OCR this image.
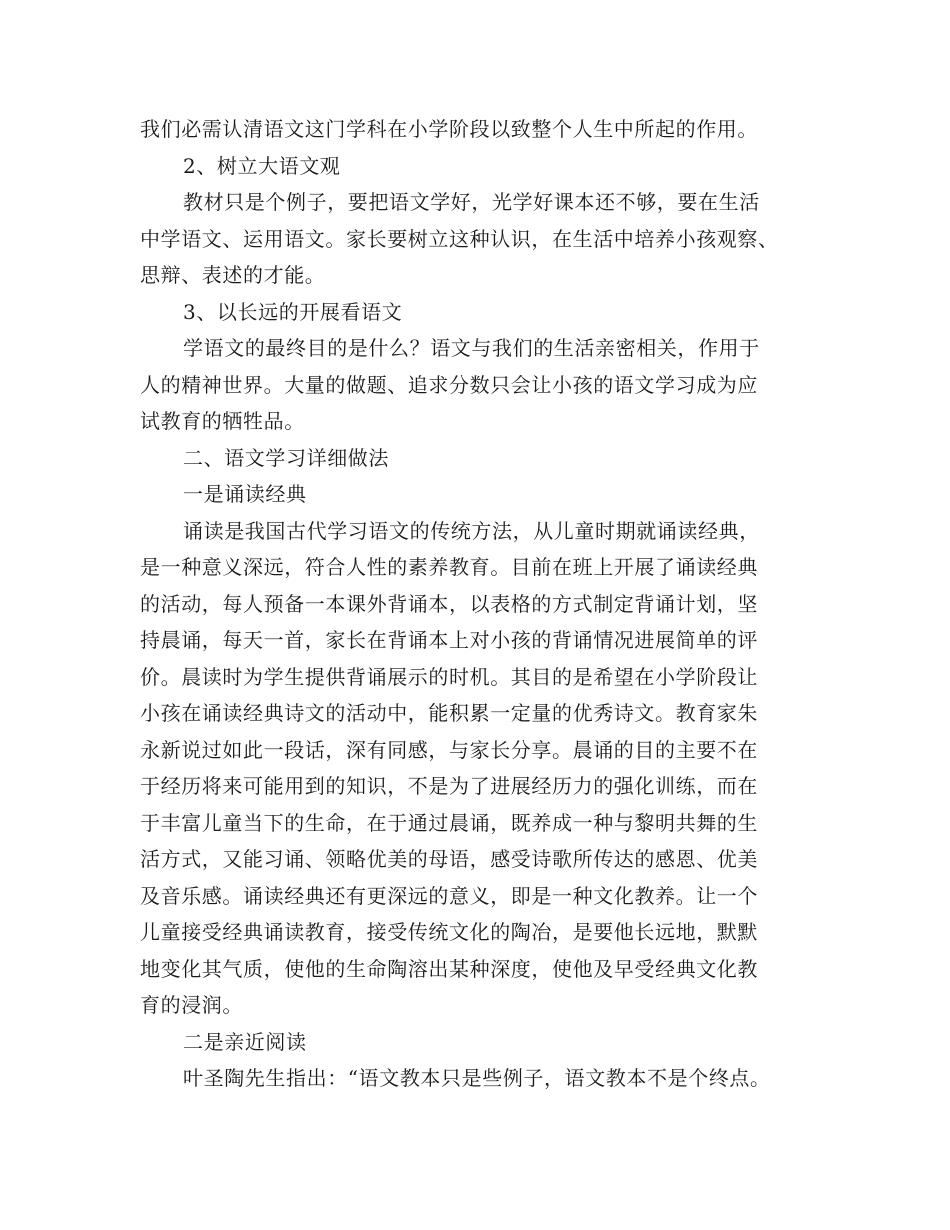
我们必需认清语文这门学科在小学阶段以致整个人生中所起的作用。
2、树立大语文观
教材只是个例子，要把语文学好，光学好课本还不够，要在生活
中学语文、运用语文。家长要树立这种认识，在生活中培养小孩观察、
思辩、表述的才能。
3、以长远的开展看语文
学语文的最终目的是什么？语文与我们的生活亲密相关，作用于
人的精神世界。大量的做题、追求分数只会让小孩的语文学习成为应
试教育的牺牲品。
二、语文学习详细做法
一是诵读经典
诵读是我国古代学习语文的传统方法，从儿童时期就诵读经典，
是一种意义深远，符合人性的素养教育。目前在班上开展了诵读经典
的活动，每人预备一本课外背诵本，以表格的方式制定背诵计划，坚
持晨诵，每天一首，家长在背诵本上对小孩的背诵情况进展简单的评
价。晨读时为学生提供背诵展示的时机。其目的是希望在小学阶段让
小孩在诵读经典诗文的活动中，能积累一定量的优秀诗文。教育家朱
永新说过如此一段话，深有同感，与家长分享。晨诵的目的主要不在
于经历将来可能用到的知识，不是为了进展经历力的强化训练，而在
于丰富儿童当下的生命，在于通过晨诵，既养成一种与黎明共舞的生
活方式，又能习诵、领略优美的母语，感受诗歌所传达的感恩、优美
及音乐感。诵读经典还有更深远的意义，即是一种文化教养。让一个
儿童接受经典诵读教育，接受传统文化的陶冶，是要他长远地，默默
地变化其气质，使他的生命陶溶出某种深度，使他及早受经典文化教
育的浸润。
二是亲近阅读
叶圣陶先生指出：“语文教本只是些例子，语文教本不是个终点。
